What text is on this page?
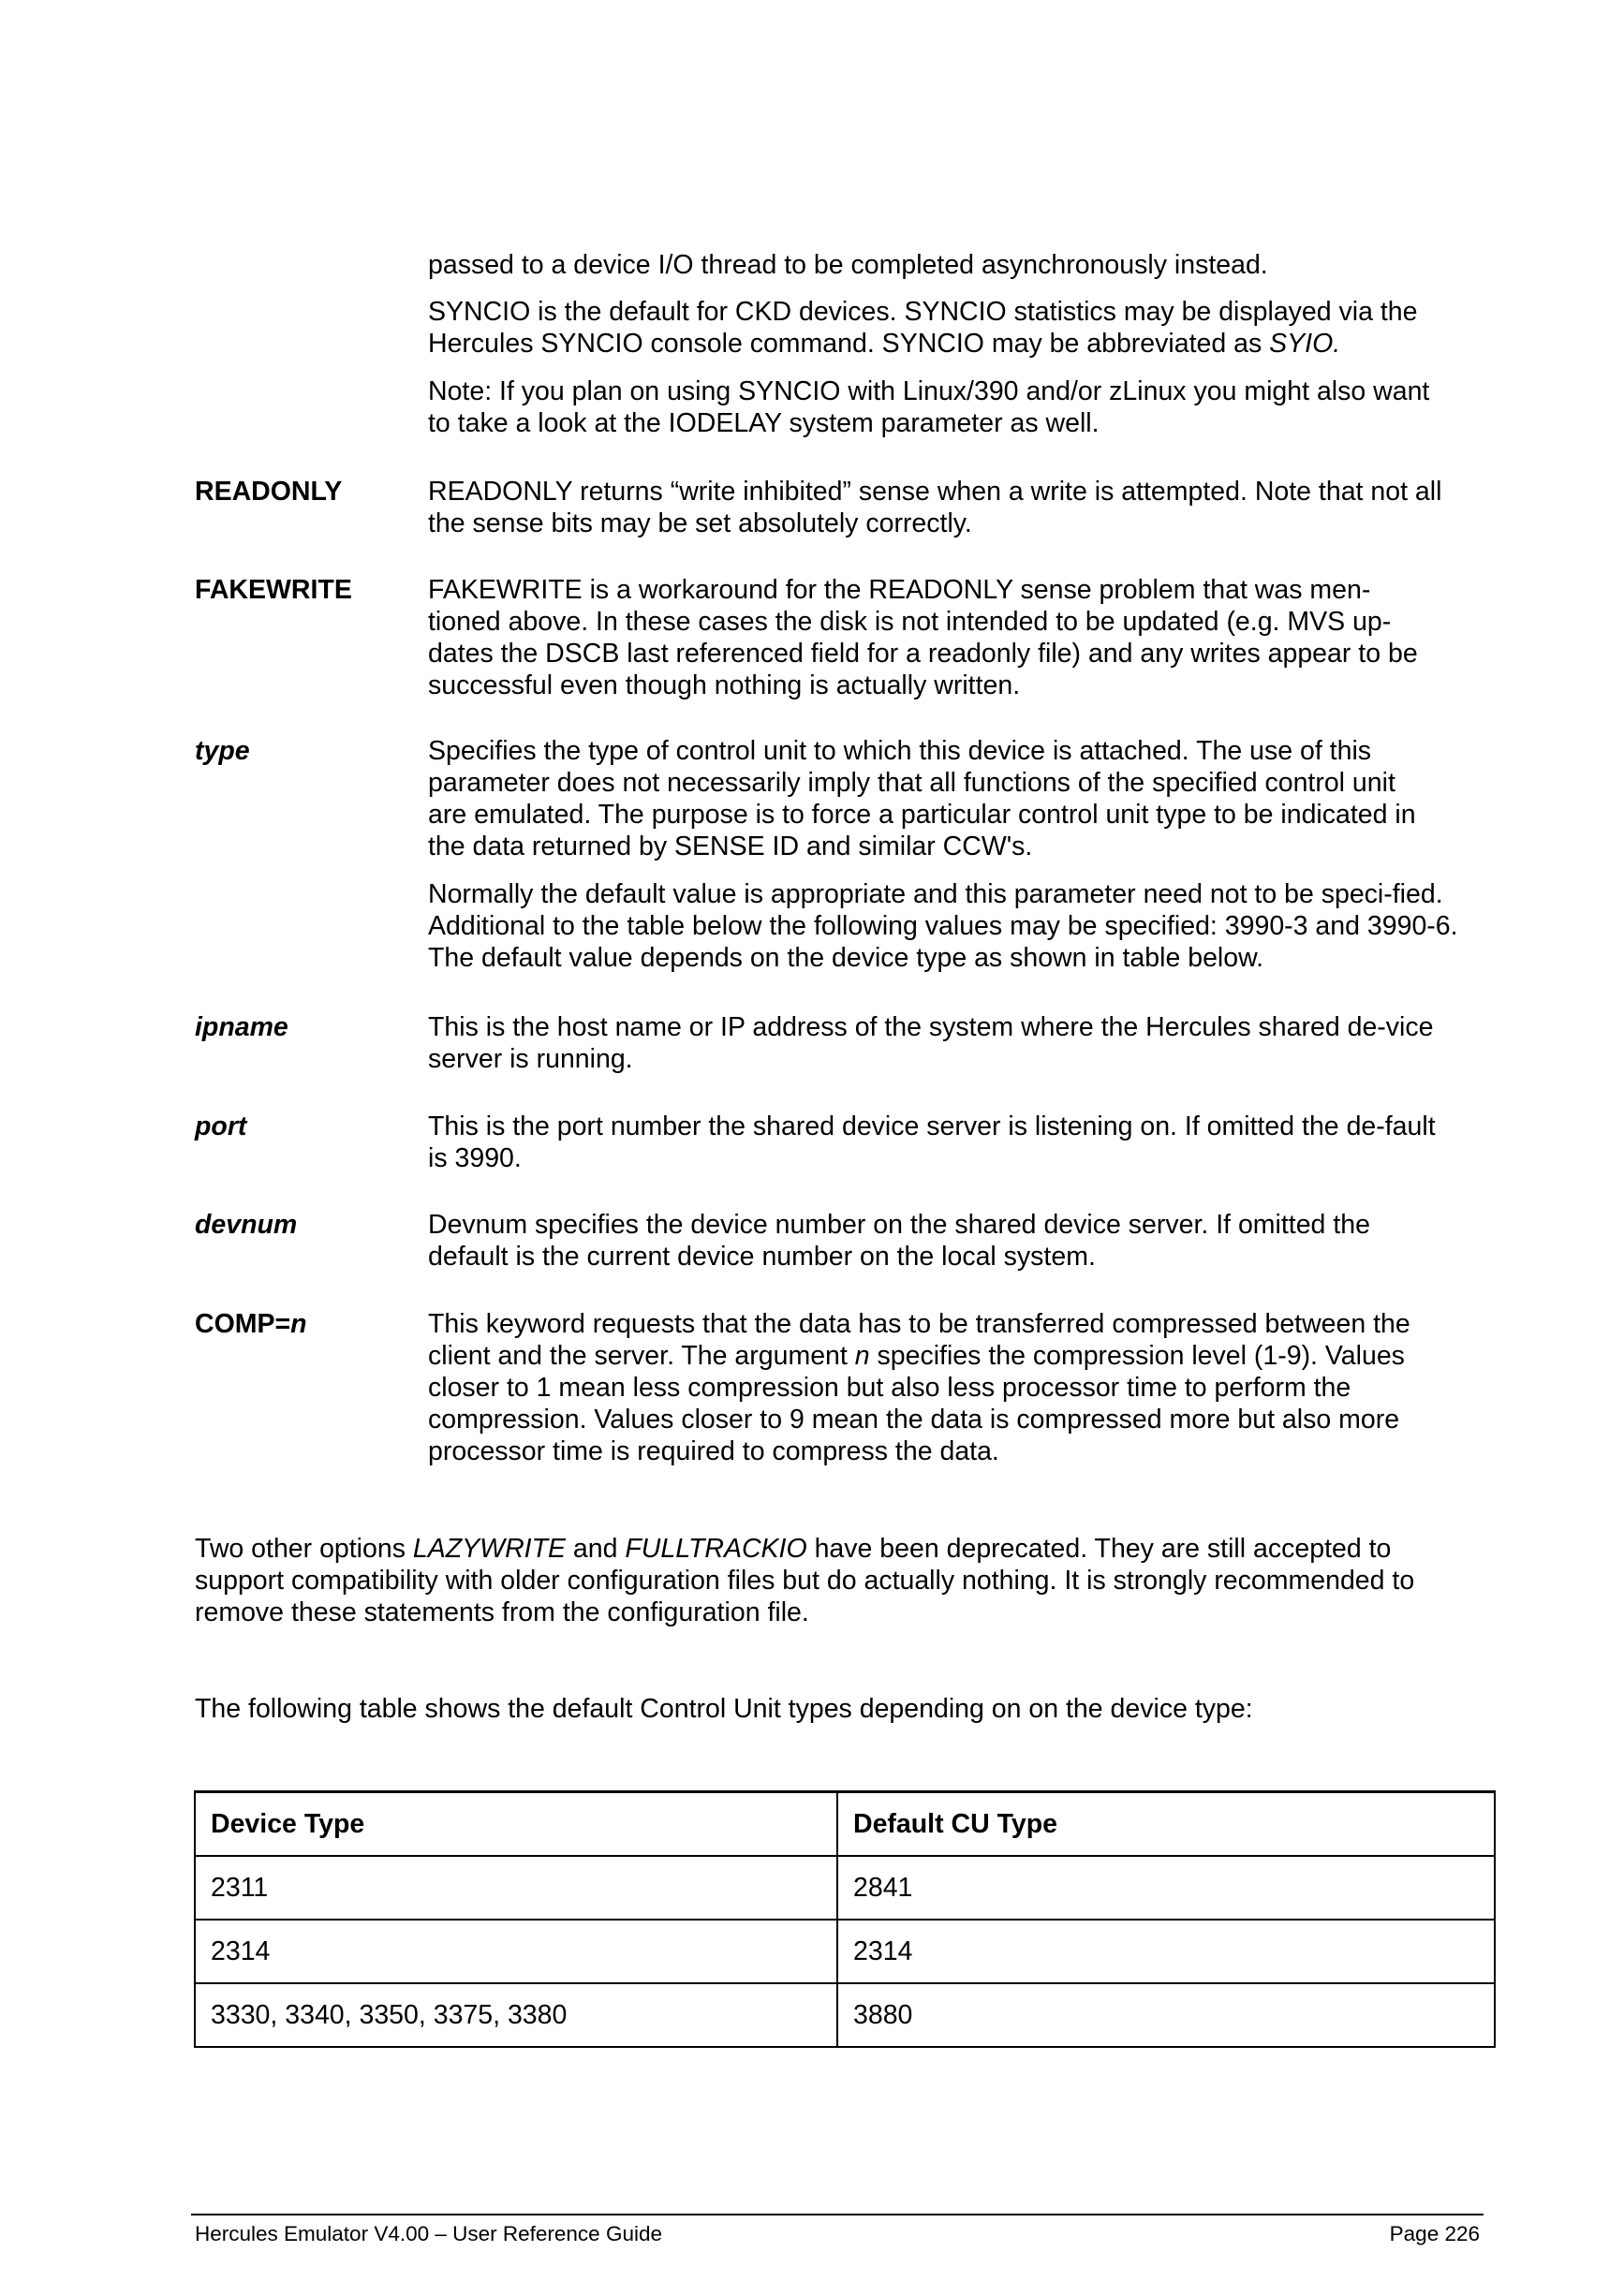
passed to a device I/O thread to be completed asynchronously instead.

SYNCIO is the default for CKD devices. SYNCIO statistics may be displayed via the Hercules SYNCIO console command. SYNCIO may be abbreviated as SYIO.

Note: If you plan on using SYNCIO with Linux/390 and/or zLinux you might also want to take a look at the IODELAY system parameter as well.

READONLY	READONLY returns “write inhibited” sense when a write is attempted. Note that not all the sense bits may be set absolutely correctly.

FAKEWRITE	FAKEWRITE is a workaround for the READONLY sense problem that was men-tioned above. In these cases the disk is not intended to be updated (e.g. MVS up-dates the DSCB last referenced field for a readonly file) and any writes appear to be successful even though nothing is actually written.

type	Specifies the type of control unit to which this device is attached. The use of this parameter does not necessarily imply that all functions of the specified control unit are emulated. The purpose is to force a particular control unit type to be indicated in the data returned by SENSE ID and similar CCW's.

Normally the default value is appropriate and this parameter need not to be speci-fied. Additional to the table below the following values may be specified: 3990-3 and 3990-6. The default value depends on the device type as shown in table below.

ipname	This is the host name or IP address of the system where the Hercules shared de-vice server is running.

port	This is the port number the shared device server is listening on. If omitted the de-fault is 3990.

devnum	Devnum specifies the device number on the shared device server. If omitted the default is the current device number on the local system.

COMP=n	This keyword requests that the data has to be transferred compressed between the client and the server. The argument n specifies the compression level (1-9). Values closer to 1 mean less compression but also less processor time to perform the compression. Values closer to 9 mean the data is compressed more but also more processor time is required to compress the data.

Two other options LAZYWRITE and FULLTRACKIO have been deprecated. They are still accepted to support compatibility with older configuration files but do actually nothing. It is strongly recommended to remove these statements from the configuration file.

The following table shows the default Control Unit types depending on on the device type:

Device Type	Default CU Type
2311	2841
2314	2314
3330, 3340, 3350, 3375, 3380	3880
Hercules Emulator V4.00 – User Reference Guide	Page 226
